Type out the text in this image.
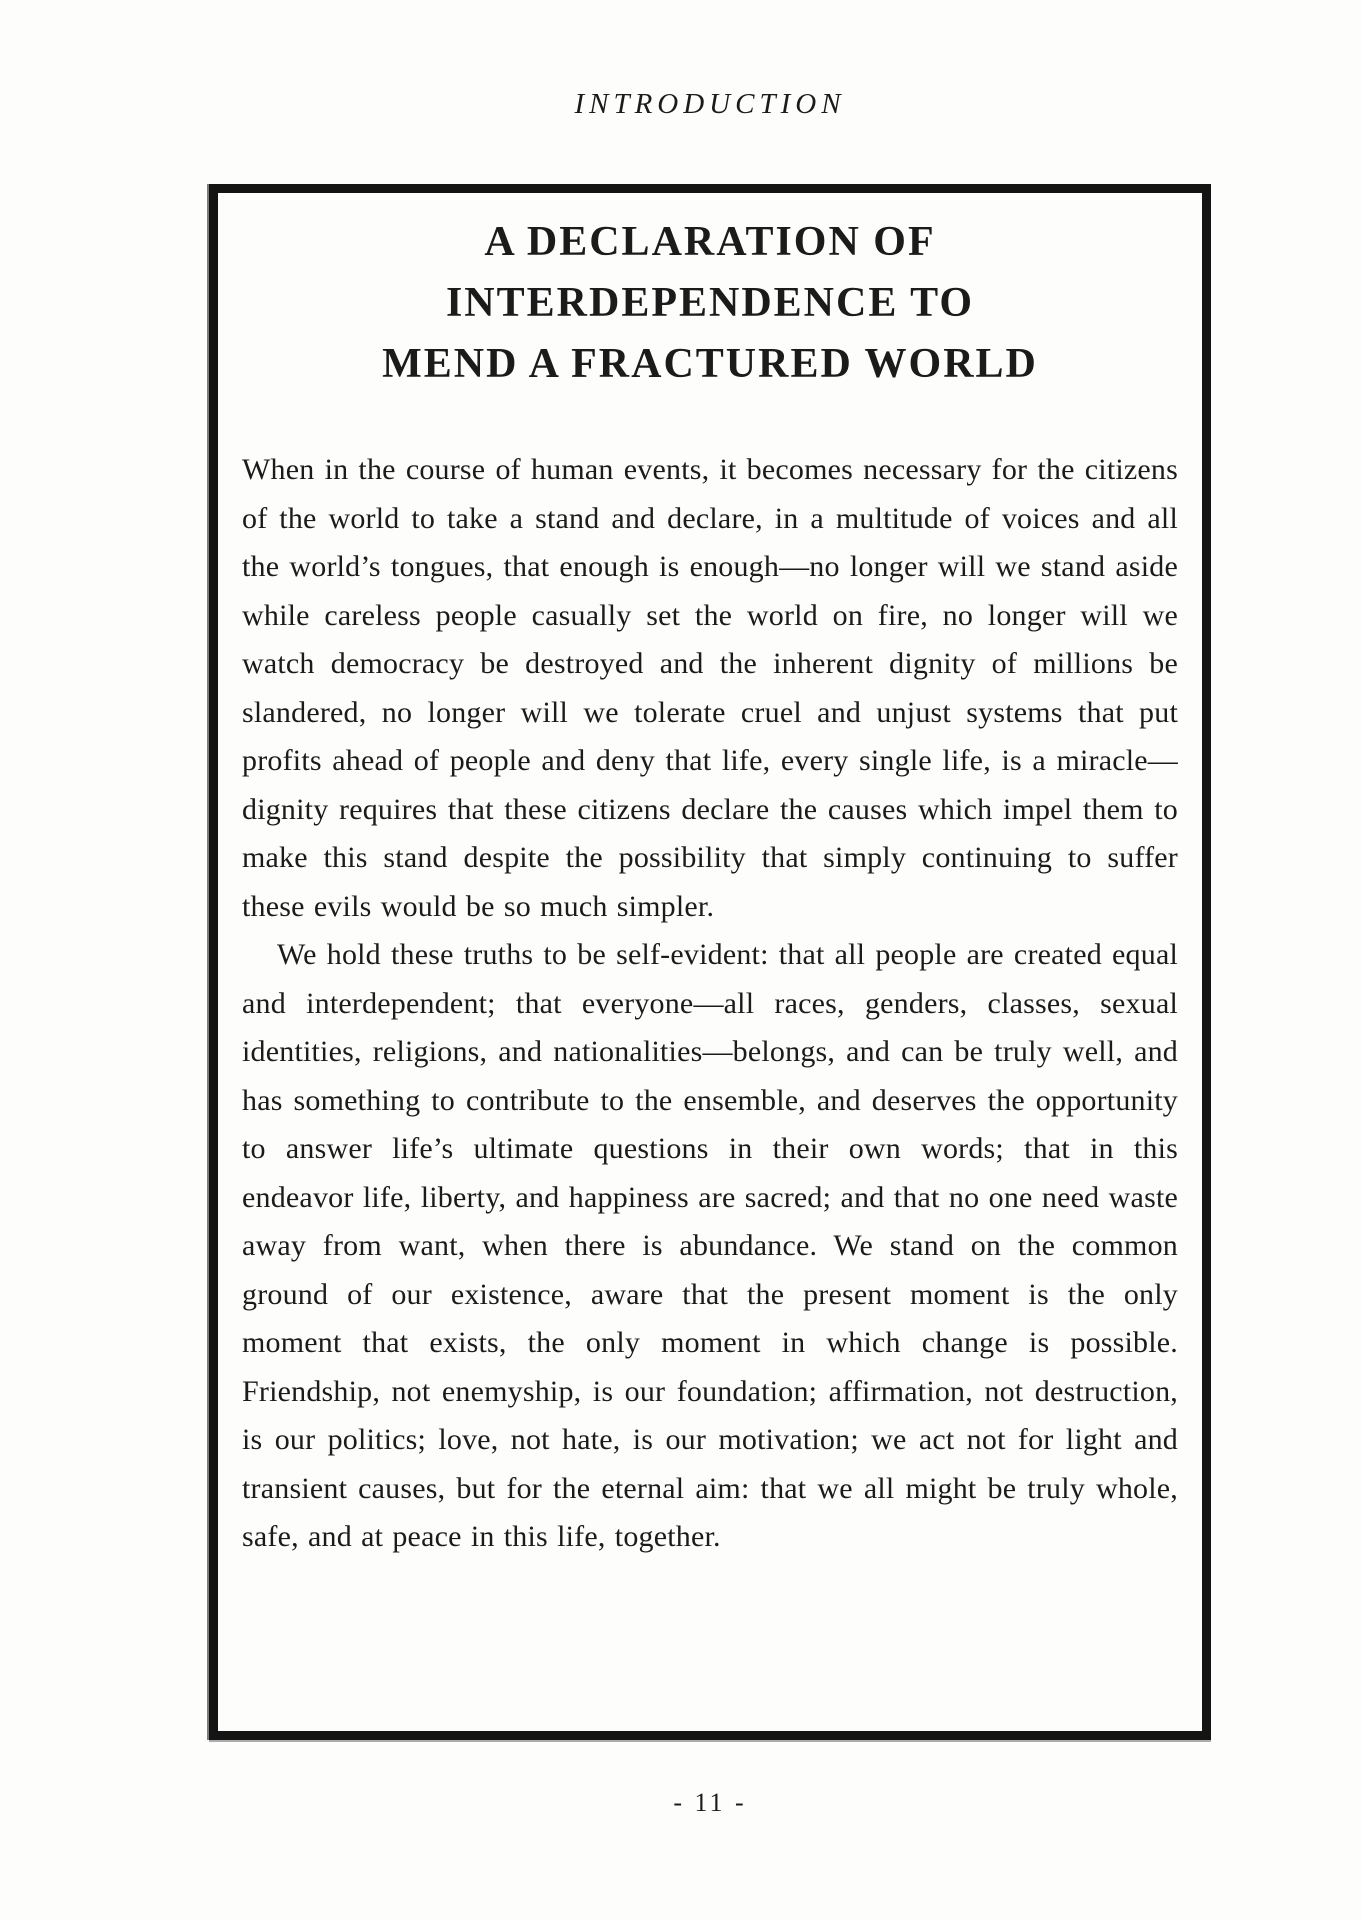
INTRODUCTION
A DECLARATION OF
INTERDEPENDENCE TO
MEND A FRACTURED WORLD

When in the course of human events, it becomes necessary for the citizens of the world to take a stand and declare, in a multitude of voices and all the world’s tongues, that enough is enough—no longer will we stand aside while careless people casually set the world on fire, no longer will we watch democracy be destroyed and the inherent dignity of millions be slandered, no longer will we tolerate cruel and unjust systems that put profits ahead of people and deny that life, every single life, is a miracle—dignity requires that these citizens declare the causes which impel them to make this stand despite the possibility that simply continuing to suffer these evils would be so much simpler.

We hold these truths to be self-evident: that all people are created equal and interdependent; that everyone—all races, genders, classes, sexual identities, religions, and nationalities—belongs, and can be truly well, and has something to contribute to the ensemble, and deserves the opportunity to answer life’s ultimate questions in their own words; that in this endeavor life, liberty, and happiness are sacred; and that no one need waste away from want, when there is abundance. We stand on the common ground of our existence, aware that the present moment is the only moment that exists, the only moment in which change is possible. Friendship, not enemyship, is our foundation; affirmation, not destruction, is our politics; love, not hate, is our motivation; we act not for light and transient causes, but for the eternal aim: that we all might be truly whole, safe, and at peace in this life, together.

- 11 -
